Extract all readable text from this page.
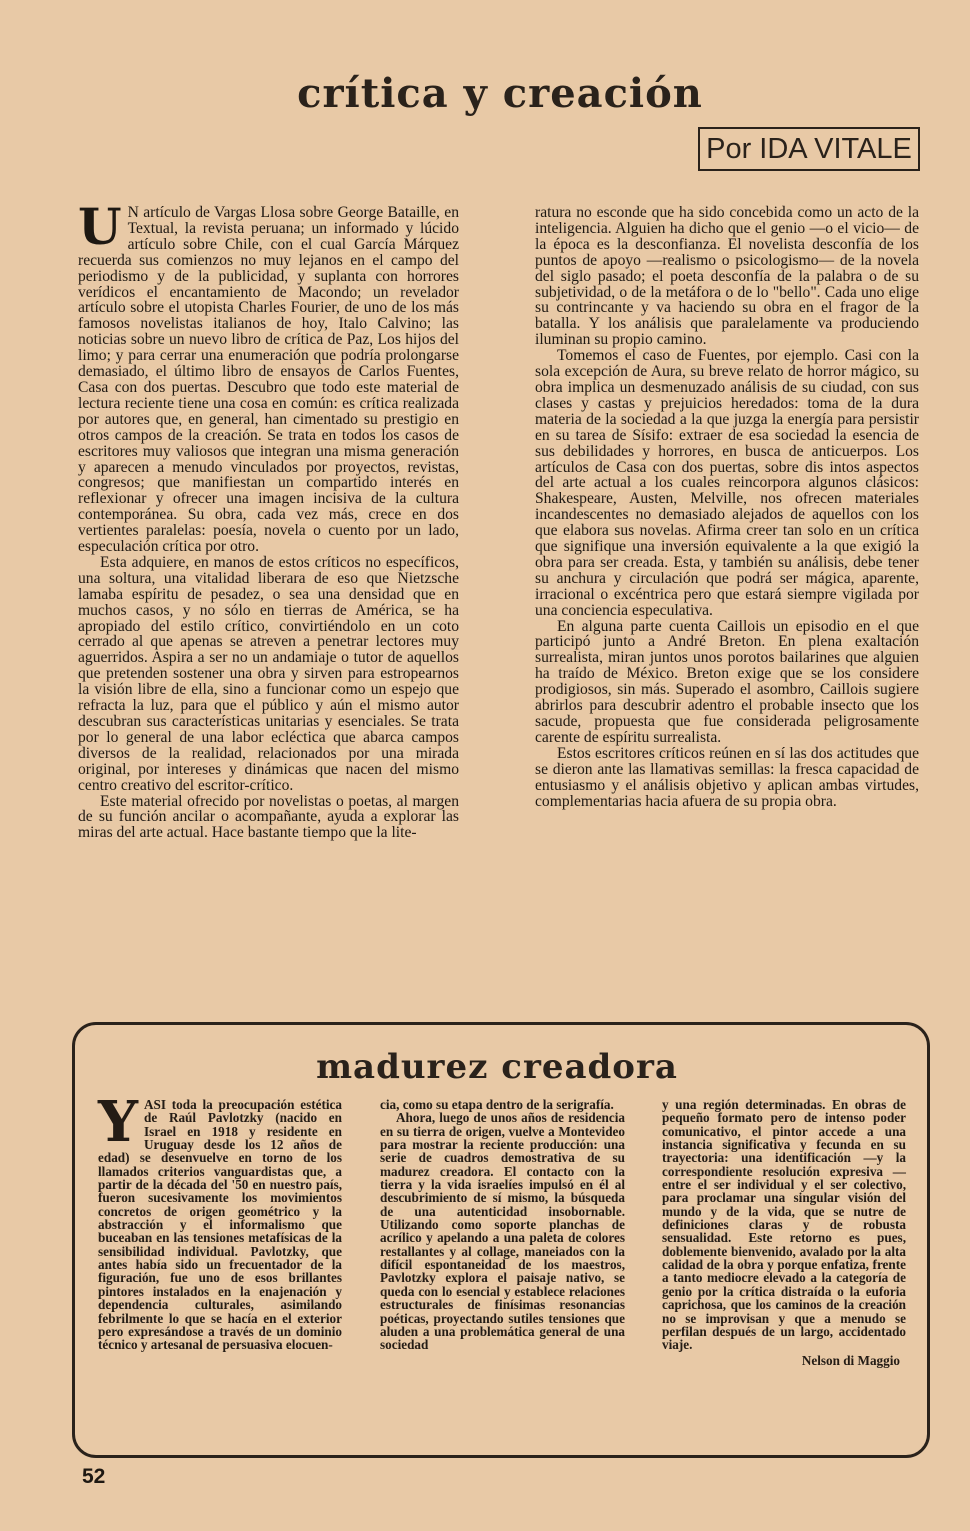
crítica y creación
Por IDA VITALE

U N artículo de Vargas Llosa sobre George Bataille, en Textual, la revista peruana; un informado y lúcido artículo sobre Chile, con el cual García Márquez recuerda sus comienzos no muy lejanos en el campo del periodismo y de la publicidad, y suplanta con horrores verídicos el encantamiento de Macondo; un revelador artículo sobre el utopista Charles Fourier, de uno de los más famosos novelistas italianos de hoy, Italo Calvino; las noticias sobre un nuevo libro de crítica de Paz, Los hijos del limo; y para cerrar una enumeración que podría prolongarse demasiado, el último libro de ensayos de Carlos Fuentes, Casa con dos puertas. Descubro que todo este material de lectura reciente tiene una cosa en común: es crítica realizada por autores que, en general, han cimentado su prestigio en otros campos de la creación. Se trata en todos los casos de escritores muy valiosos que integran una misma generación y aparecen a menudo vinculados por proyectos, revistas, congresos; que manifiestan un compartido interés en reflexionar y ofrecer una imagen incisiva de la cultura contemporánea. Su obra, cada vez más, crece en dos vertientes paralelas: poesía, novela o cuento por un lado, especulación crítica por otro.

Esta adquiere, en manos de estos críticos no específicos, una soltura, una vitalidad liberara de eso que Nietzsche lamaba espíritu de pesadez, o sea una densidad que en muchos casos, y no sólo en tierras de América, se ha apropiado del estilo crítico, convirtiéndolo en un coto cerrado al que apenas se atreven a penetrar lectores muy aguerridos. Aspira a ser no un andamiaje o tutor de aquellos que pretenden sostener una obra y sirven para estropearnos la visión libre de ella, sino a funcionar como un espejo que refracta la luz, para que el público y aún el mismo autor descubran sus características unitarias y esenciales. Se trata por lo general de una labor ecléctica que abarca campos diversos de la realidad, relacionados por una mirada original, por intereses y dinámicas que nacen del mismo centro creativo del escritor-crítico.

Este material ofrecido por novelistas o poetas, al margen de su función ancilar o acompañante, ayuda a explorar las miras del arte actual. Hace bastante tiempo que la lite-

ratura no esconde que ha sido concebida como un acto de la inteligencia. Alguien ha dicho que el genio —o el vicio— de la época es la desconfianza. El novelista desconfía de los puntos de apoyo —realismo o psicologismo— de la novela del siglo pasado; el poeta desconfía de la palabra o de su subjetividad, o de la metáfora o de lo "bello". Cada uno elige su contrincante y va haciendo su obra en el fragor de la batalla. Y los análisis que paralelamente va produciendo iluminan su propio camino.

Tomemos el caso de Fuentes, por ejemplo. Casi con la sola excepción de Aura, su breve relato de horror mágico, su obra implica un desmenuzado análisis de su ciudad, con sus clases y castas y prejuicios heredados: toma de la dura materia de la sociedad a la que juzga la energía para persistir en su tarea de Sísifo: extraer de esa sociedad la esencia de sus debilidades y horrores, en busca de anticuerpos. Los artículos de Casa con dos puertas, sobre dis intos aspectos del arte actual a los cuales reincorpora algunos clásicos: Shakespeare, Austen, Melville, nos ofrecen materiales incandescentes no demasiado alejados de aquellos con los que elabora sus novelas. Afirma creer tan solo en un crítica que signifique una inversión equivalente a la que exigió la obra para ser creada. Esta, y también su análisis, debe tener su anchura y circulación que podrá ser mágica, aparente, irracional o excéntrica pero que estará siempre vigilada por una conciencia especulativa.

En alguna parte cuenta Caillois un episodio en el que participó junto a André Breton. En plena exaltación surrealista, miran juntos unos porotos bailarines que alguien ha traído de México. Breton exige que se los considere prodigiosos, sin más. Superado el asombro, Caillois sugiere abrirlos para descubrir adentro el probable insecto que los sacude, propuesta que fue considerada peligrosamente carente de espíritu surrealista.

Estos escritores críticos reúnen en sí las dos actitudes que se dieron ante las llamativas semillas: la fresca capacidad de entusiasmo y el análisis objetivo y aplican ambas virtudes, complementarias hacia afuera de su propia obra.

madurez creadora

YASI toda la preocupación estética de Raúl Pavlotzky (nacido en Israel en 1918 y residente en Uruguay desde los 12 años de edad) se desenvuelve en torno de los llamados criterios vanguardistas que, a partir de la década del '50 en nuestro país, fueron sucesivamente los movimientos concretos de origen geométrico y la abstracción y el informalismo que buceaban en las tensiones metafísicas de la sensibilidad individual. Pavlotzky, que antes había sido un frecuentador de la figuración, fue uno de esos brillantes pintores instalados en la enajenación y dependencia culturales, asimilando febrilmente lo que se hacía en el exterior pero expresándose a través de un dominio técnico y artesanal de persuasiva elocuen-

cia, como su etapa dentro de la serigrafía.

Ahora, luego de unos años de residencia en su tierra de origen, vuelve a Montevideo para mostrar la reciente producción: una serie de cuadros demostrativa de su madurez creadora. El contacto con la tierra y la vida israelíes impulsó en él al descubrimiento de sí mismo, la búsqueda de una autenticidad insobornable. Utilizando como soporte planchas de acrílico y apelando a una paleta de colores restallantes y al collage, maneiados con la difícil espontaneidad de los maestros, Pavlotzky explora el paisaje nativo, se queda con lo esencial y establece relaciones estructurales de finísimas resonancias poéticas, proyectando sutiles tensiones que aluden a una problemática general de una sociedad

y una región determinadas. En obras de pequeño formato pero de intenso poder comunicativo, el pintor accede a una instancia significativa y fecunda en su trayectoria: una identificación —y la correspondiente resolución expresiva —entre el ser individual y el ser colectivo, para proclamar una singular visión del mundo y de la vida, que se nutre de definiciones claras y de robusta sensualidad. Este retorno es pues, doblemente bienvenido, avalado por la alta calidad de la obra y porque enfatiza, frente a tanto mediocre elevado a la categoría de genio por la crítica distraída o la euforia caprichosa, que los caminos de la creación no se improvisan y que a menudo se perfilan después de un largo, accidentado viaje.

Nelson di Maggio
52
